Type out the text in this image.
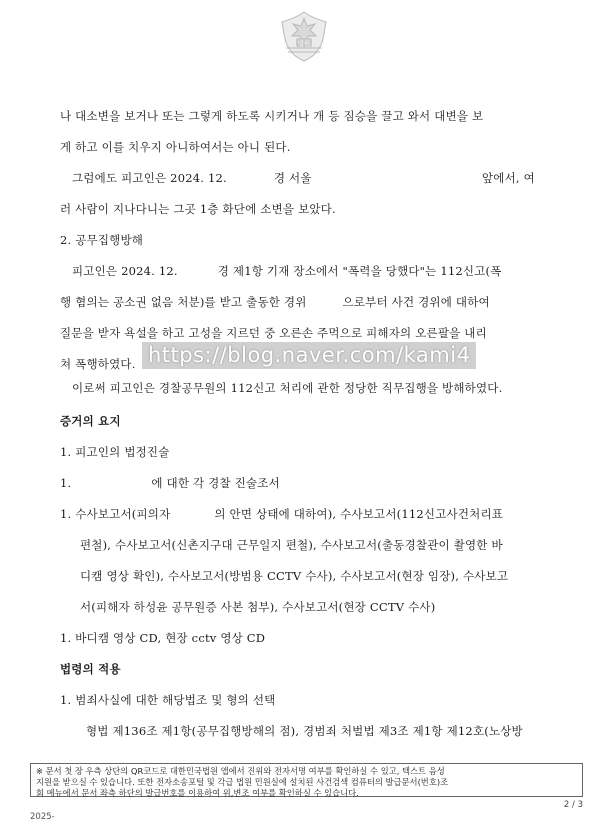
법원
나 대소변을 보거나 또는 그렇게 하도록 시키거나 개 등 짐승을 끌고 와서 대변을 보
게 하고 이를 치우지 아니하여서는 아니 된다.
그럼에도 피고인은 2024. 12.	경 서울	앞에서, 여
러 사람이 지나다니는 그곳 1층 화단에 소변을 보았다.
2. 공무집행방해
피고인은 2024. 12.	경 제1항 기재 장소에서 "폭력을 당했다"는 112신고(폭
행 혐의는 공소권 없음 처분)를 받고 출동한 경위	으로부터 사건 경위에 대하여
질문을 받자 욕설을 하고 고성을 지르던 중 오른손 주먹으로 피해자의 오른팔을 내리
쳐 폭행하였다.
이로써 피고인은 경찰공무원의 112신고 처리에 관한 정당한 직무집행을 방해하였다.
증거의 요지
1. 피고인의 법정진술
1.	에 대한 각 경찰 진술조서
1. 수사보고서(피의자	의 안면 상태에 대하여), 수사보고서(112신고사건처리표
편철), 수사보고서(신촌지구대 근무일지 편철), 수사보고서(출동경찰관이 촬영한 바
디캠 영상 확인), 수사보고서(방범용 CCTV 수사), 수사보고서(현장 임장), 수사보고
서(피해자 하성윤 공무원증 사본 첨부), 수사보고서(현장 CCTV 수사)
1. 바디캠 영상 CD, 현장 cctv 영상 CD
법령의 적용
1. 범죄사실에 대한 해당법조 및 형의 선택
형법 제136조 제1항(공무집행방해의 점), 경범죄 처벌법 제3조 제1항 제12호(노상방
https://blog.naver.com/kami4
※ 문서 첫 장 우측 상단의 QR코드로 대한민국법원 앱에서 진위와 전자서명 여부를 확인하실 수 있고, 텍스트 음성
지원을 받으실 수 있습니다. 또한 전자소송포털 및 각급 법원 민원실에 설치된 사건검색 컴퓨터의 발급문서(번호)조
회 메뉴에서 문서 좌측 하단의 발급번호를 이용하여 위,변조 여부를 확인하실 수 있습니다.
2 / 3
2025-
